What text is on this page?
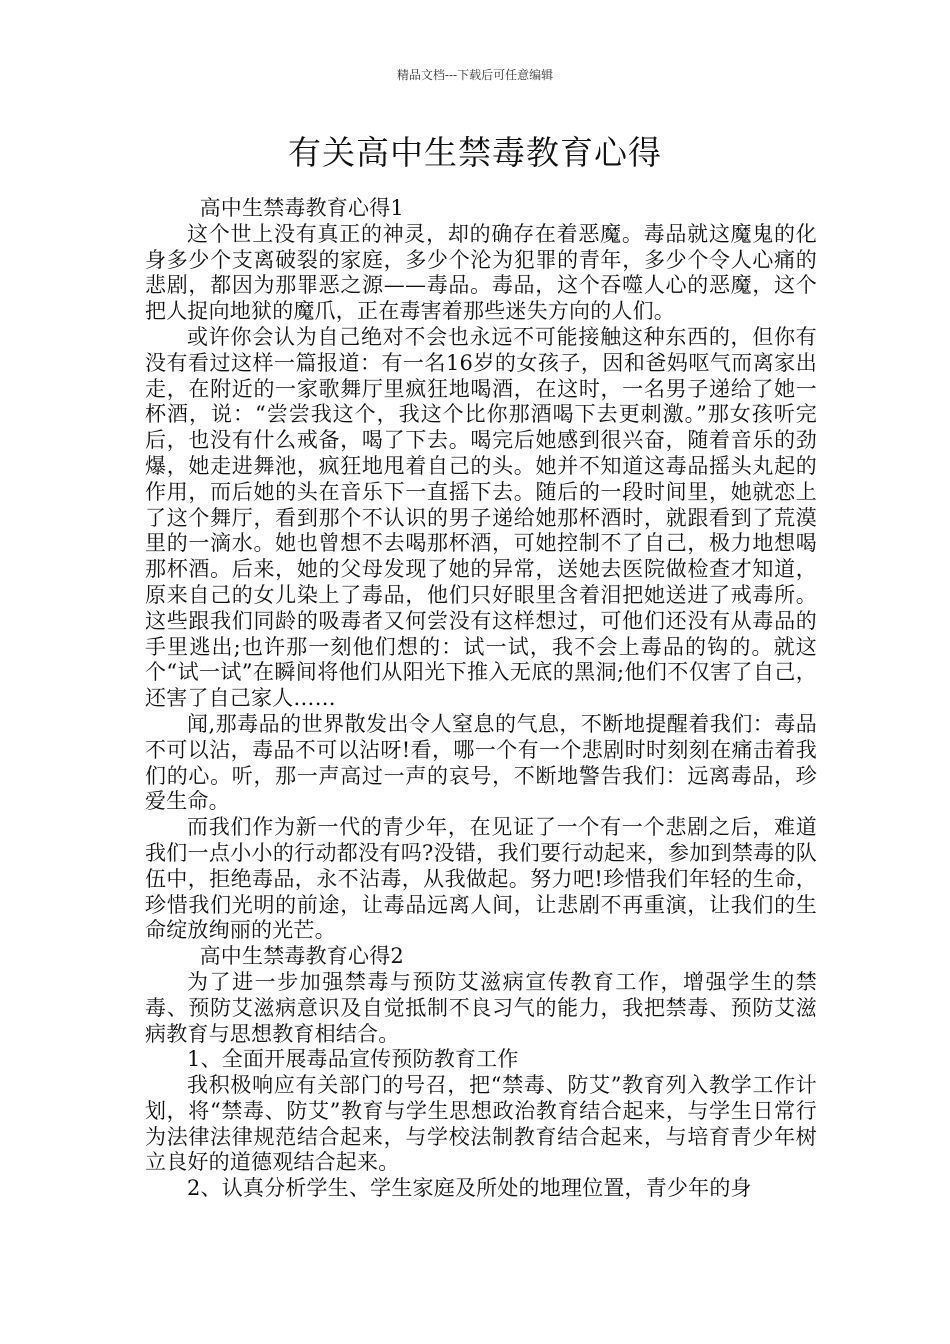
精品文档---下载后可任意编辑
有关高中生禁毒教育心得

高中生禁毒教育心得1

这个世上没有真正的神灵，却的确存在着恶魔。毒品就这魔鬼的化身多少个支离破裂的家庭，多少个沦为犯罪的青年，多少个令人心痛的悲剧，都因为那罪恶之源——毒品。毒品，这个吞噬人心的恶魔，这个把人捉向地狱的魔爪，正在毒害着那些迷失方向的人们。

或许你会认为自己绝对不会也永远不可能接触这种东西的，但你有没有看过这样一篇报道：有一名16岁的女孩子，因和爸妈呕气而离家出走，在附近的一家歌舞厅里疯狂地喝酒，在这时，一名男子递给了她一杯酒，说：“尝尝我这个，我这个比你那酒喝下去更刺激。”那女孩听完后，也没有什么戒备，喝了下去。喝完后她感到很兴奋，随着音乐的劲爆，她走进舞池，疯狂地甩着自己的头。她并不知道这毒品摇头丸起的作用，而后她的头在音乐下一直摇下去。随后的一段时间里，她就恋上了这个舞厅，看到那个不认识的男子递给她那杯酒时，就跟看到了荒漠里的一滴水。她也曾想不去喝那杯酒，可她控制不了自己，极力地想喝那杯酒。后来，她的父母发现了她的异常，送她去医院做检查才知道，原来自己的女儿染上了毒品，他们只好眼里含着泪把她送进了戒毒所。这些跟我们同龄的吸毒者又何尝没有这样想过，可他们还没有从毒品的手里逃出;也许那一刻他们想的：试一试，我不会上毒品的钩的。就这个“试一试”在瞬间将他们从阳光下推入无底的黑洞;他们不仅害了自己，还害了自己家人……

闻,那毒品的世界散发出令人窒息的气息，不断地提醒着我们：毒品不可以沾，毒品不可以沾呀!看，哪一个有一个悲剧时时刻刻在痛击着我们的心。听，那一声高过一声的哀号，不断地警告我们：远离毒品，珍爱生命。

而我们作为新一代的青少年，在见证了一个有一个悲剧之后，难道我们一点小小的行动都没有吗?没错，我们要行动起来，参加到禁毒的队伍中，拒绝毒品，永不沾毒，从我做起。努力吧!珍惜我们年轻的生命，珍惜我们光明的前途，让毒品远离人间，让悲剧不再重演，让我们的生命绽放绚丽的光芒。

高中生禁毒教育心得2

为了进一步加强禁毒与预防艾滋病宣传教育工作，增强学生的禁毒、预防艾滋病意识及自觉抵制不良习气的能力，我把禁毒、预防艾滋病教育与思想教育相结合。

1、全面开展毒品宣传预防教育工作

我积极响应有关部门的号召，把“禁毒、防艾”教育列入教学工作计划，将“禁毒、防艾”教育与学生思想政治教育结合起来，与学生日常行为法律法律规范结合起来，与学校法制教育结合起来，与培育青少年树立良好的道德观结合起来。

2、认真分析学生、学生家庭及所处的地理位置，青少年的身
